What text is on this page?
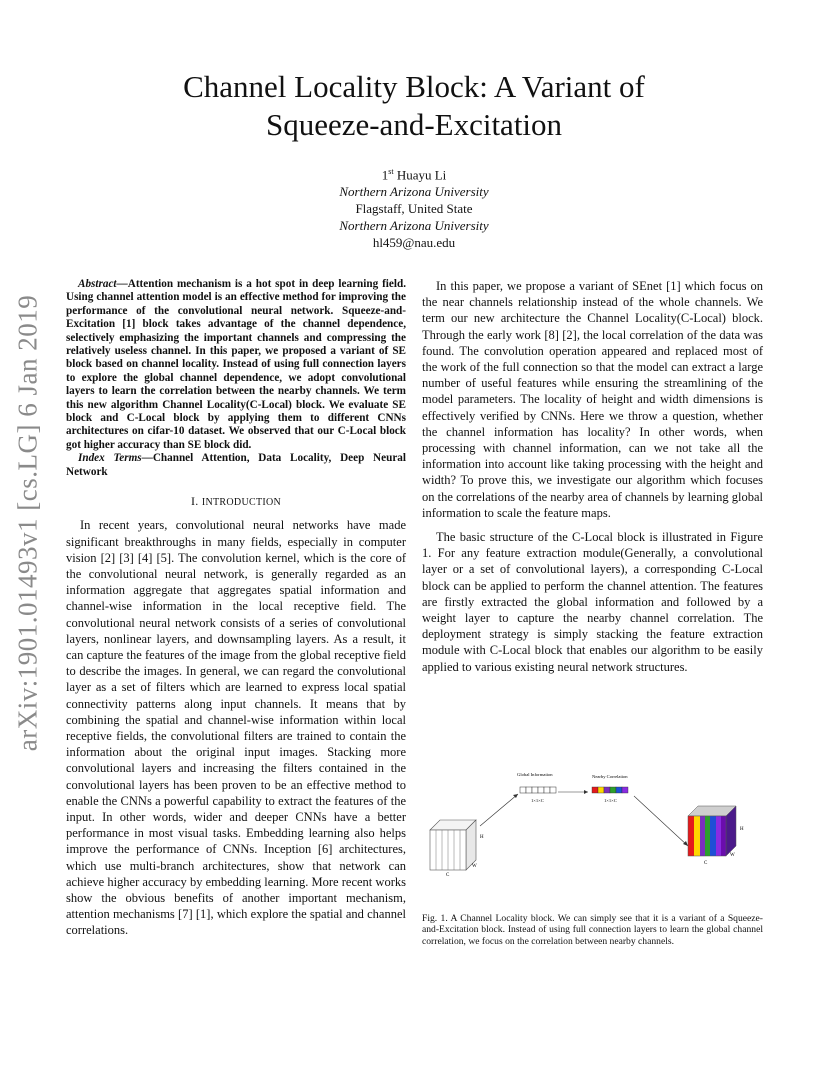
Channel Locality Block: A Variant of
Squeeze-and-Excitation
1st Huayu Li
Northern Arizona University
Flagstaff, United State
Northern Arizona University
hl459@nau.edu
arXiv:1901.01493v1 [cs.LG] 6 Jan 2019

Abstract—Attention mechanism is a hot spot in deep learning field. Using channel attention model is an effective method for improving the performance of the convolutional neural network. Squeeze-and-Excitation [1] block takes advantage of the channel dependence, selectively emphasizing the important channels and compressing the relatively useless channel. In this paper, we proposed a variant of SE block based on channel locality. Instead of using full connection layers to explore the global channel dependence, we adopt convolutional layers to learn the correlation between the nearby channels. We term this new algorithm Channel Locality(C-Local) block. We evaluate SE block and C-Local block by applying them to different CNNs architectures on cifar-10 dataset. We observed that our C-Local block got higher accuracy than SE block did.

Index Terms—Channel Attention, Data Locality, Deep Neural Network

I. INTRODUCTION

In recent years, convolutional neural networks have made significant breakthroughs in many fields, especially in computer vision [2] [3] [4] [5]. The convolution kernel, which is the core of the convolutional neural network, is generally regarded as an information aggregate that aggregates spatial information and channel-wise information in the local receptive field. The convolutional neural network consists of a series of convolutional layers, nonlinear layers, and downsampling layers. As a result, it can capture the features of the image from the global receptive field to describe the images. In general, we can regard the convolutional layer as a set of filters which are learned to express local spatial connectivity patterns along input channels. It means that by combining the spatial and channel-wise information within local receptive fields, the convolutional filters are trained to contain the information about the original input images. Stacking more convolutional layers and increasing the filters contained in the convolutional layers has been proven to be an effective method to enable the CNNs a powerful capability to extract the features of the input. In other words, wider and deeper CNNs have a better performance in most visual tasks. Embedding learning also helps improve the performance of CNNs. Inception [6] architectures, which use multi-branch architectures, show that network can achieve higher accuracy by embedding learning. More recent works show the obvious benefits of another important mechanism, attention mechanisms [7] [1], which explore the spatial and channel correlations.

In this paper, we propose a variant of SEnet [1] which focus on the near channels relationship instead of the whole channels. We term our new architecture the Channel Locality(C-Local) block. Through the early work [8] [2], the local correlation of the data was found. The convolution operation appeared and replaced most of the work of the full connection so that the model can extract a large number of useful features while ensuring the streamlining of the model parameters. The locality of height and width dimensions is effectively verified by CNNs. Here we throw a question, whether the channel information has locality? In other words, when processing with channel information, can we not take all the information into account like taking processing with the height and width? To prove this, we investigate our algorithm which focuses on the correlations of the nearby area of channels by learning global information to scale the feature maps.

The basic structure of the C-Local block is illustrated in Figure 1. For any feature extraction module(Generally, a convolutional layer or a set of convolutional layers), a corresponding C-Local block can be applied to perform the channel attention. The features are firstly extracted the global information and followed by a weight layer to capture the nearby channel correlation. The deployment strategy is simply stacking the feature extraction module with C-Local block that enables our algorithm to be easily applied to various existing neural network structures.

H
W
C
Global Information
1×1×C
Nearby Correlation
1×1×C
H
W
C
Fig. 1. A Channel Locality block. We can simply see that it is a variant of a Squeeze-and-Excitation block. Instead of using full connection layers to learn the global channel correlation, we focus on the correlation between nearby channels.
